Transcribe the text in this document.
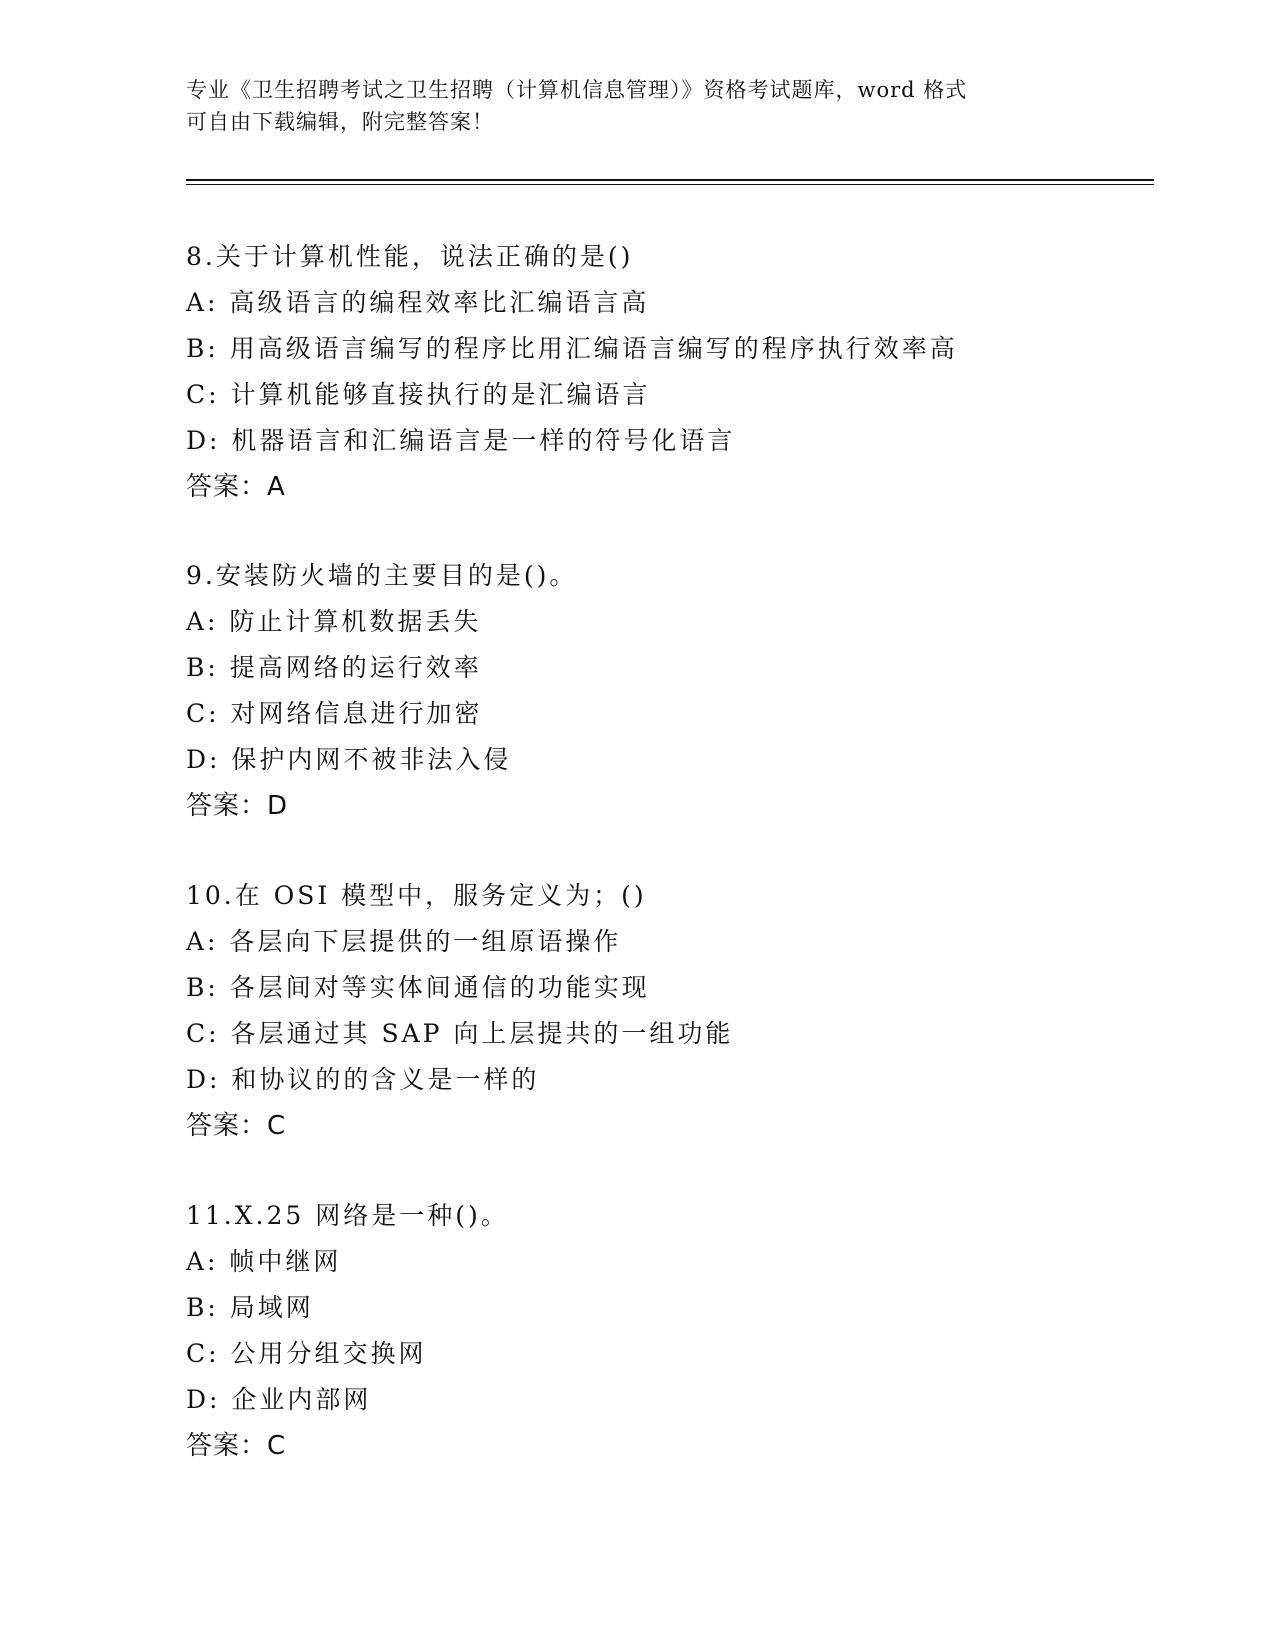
专业《卫生招聘考试之卫生招聘（计算机信息管理）》资格考试题库，word 格式
可自由下载编辑，附完整答案！
8.关于计算机性能，说法正确的是()
A: 高级语言的编程效率比汇编语言高
B: 用高级语言编写的程序比用汇编语言编写的程序执行效率高
C: 计算机能够直接执行的是汇编语言
D: 机器语言和汇编语言是一样的符号化语言
答案：A
9.安装防火墙的主要目的是()。
A: 防止计算机数据丢失
B: 提高网络的运行效率
C: 对网络信息进行加密
D: 保护内网不被非法入侵
答案：D
10.在 OSI 模型中，服务定义为；()
A: 各层向下层提供的一组原语操作
B: 各层间对等实体间通信的功能实现
C: 各层通过其 SAP 向上层提共的一组功能
D: 和协议的的含义是一样的
答案：C
11.X.25 网络是一种()。
A: 帧中继网
B: 局域网
C: 公用分组交换网
D: 企业内部网
答案：C
